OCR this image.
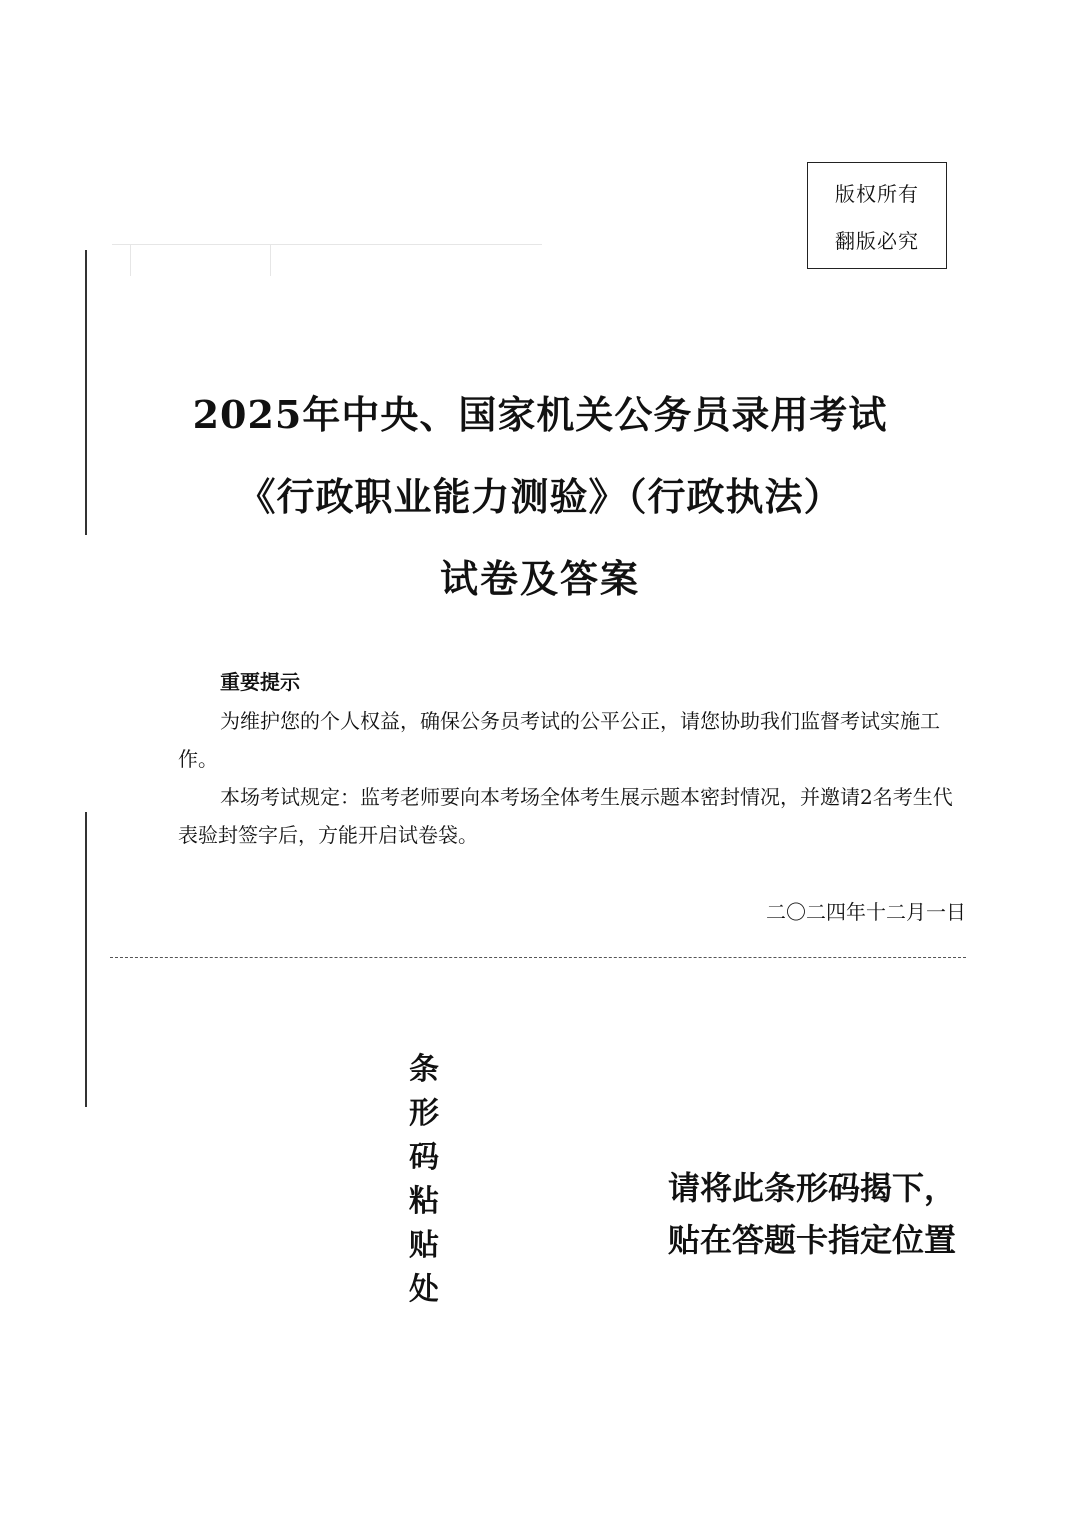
版权所有
翻版必究
2025年中央、国家机关公务员录用考试
《行政职业能力测验》（行政执法）
试卷及答案
重要提示

为维护您的个人权益，确保公务员考试的公平公正，请您协助我们监督考试实施工作。

本场考试规定：监考老师要向本考场全体考生展示题本密封情况，并邀请2名考生代表验封签字后，方能开启试卷袋。

二〇二四年十二月一日
条
形
码
粘
贴
处
请将此条形码揭下，
贴在答题卡指定位置
